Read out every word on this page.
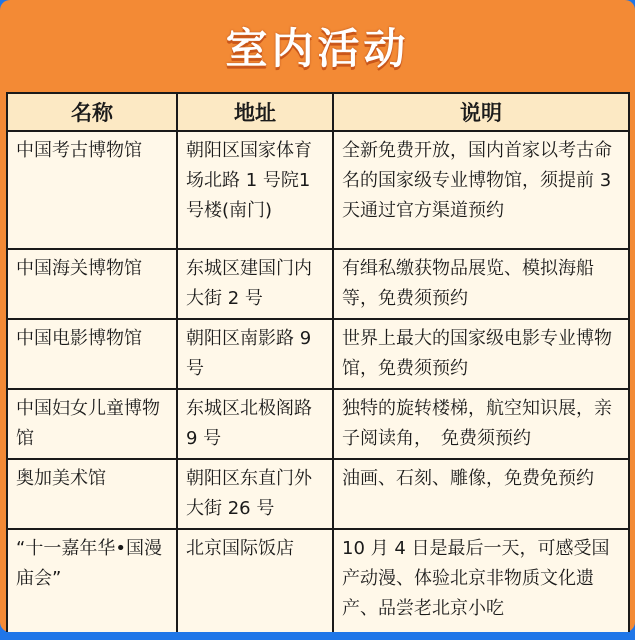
室内活动
名称	地址	说明
中国考古博物馆	朝阳区国家体育场北路 1 号院1号楼(南门)	全新免费开放，国内首家以考古命名的国家级专业博物馆，须提前 3 天通过官方渠道预约
中国海关博物馆	东城区建国门内大街 2 号	有缉私缴获物品展览、模拟海船等，免费须预约
中国电影博物馆	朝阳区南影路 9 号	世界上最大的国家级电影专业博物馆，免费须预约
中国妇女儿童博物馆	东城区北极阁路 9 号	独特的旋转楼梯，航空知识展，亲子阅读角，　免费须预约
奥加美术馆	朝阳区东直门外大街 26 号	油画、石刻、雕像，免费免预约
“十一嘉年华•国漫庙会”	北京国际饭店	10 月 4 日是最后一天，可感受国产动漫、体验北京非物质文化遗产、品尝老北京小吃
